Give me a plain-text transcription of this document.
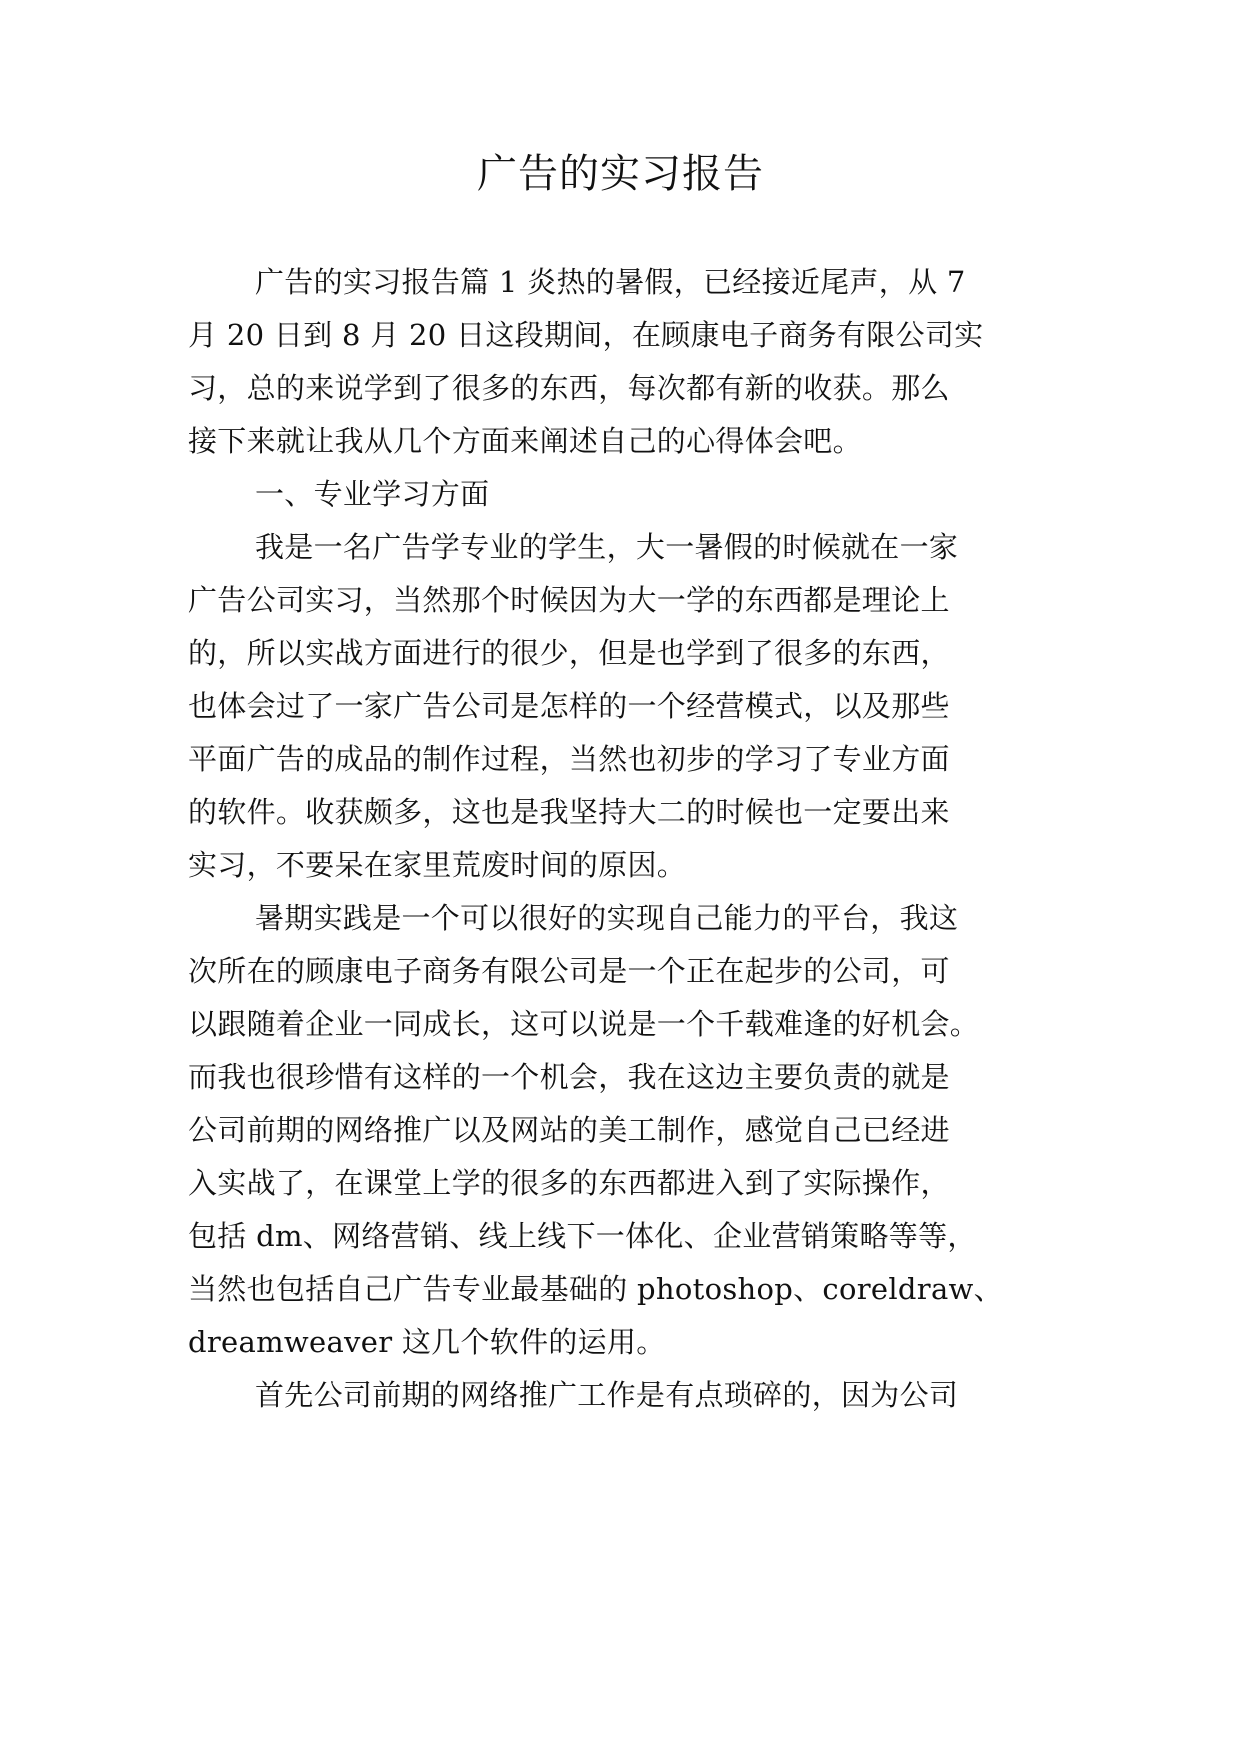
广告的实习报告
广告的实习报告篇 1 炎热的暑假，已经接近尾声，从 7
月 20 日到 8 月 20 日这段期间，在顾康电子商务有限公司实
习，总的来说学到了很多的东西，每次都有新的收获。那么
接下来就让我从几个方面来阐述自己的心得体会吧。
一、专业学习方面
我是一名广告学专业的学生，大一暑假的时候就在一家
广告公司实习，当然那个时候因为大一学的东西都是理论上
的，所以实战方面进行的很少，但是也学到了很多的东西，
也体会过了一家广告公司是怎样的一个经营模式，以及那些
平面广告的成品的制作过程，当然也初步的学习了专业方面
的软件。收获颇多，这也是我坚持大二的时候也一定要出来
实习，不要呆在家里荒废时间的原因。
暑期实践是一个可以很好的实现自己能力的平台，我这
次所在的顾康电子商务有限公司是一个正在起步的公司，可
以跟随着企业一同成长，这可以说是一个千载难逢的好机会。
而我也很珍惜有这样的一个机会，我在这边主要负责的就是
公司前期的网络推广以及网站的美工制作，感觉自己已经进
入实战了，在课堂上学的很多的东西都进入到了实际操作，
包括 dm、网络营销、线上线下一体化、企业营销策略等等，
当然也包括自己广告专业最基础的 photoshop、coreldraw、
dreamweaver 这几个软件的运用。
首先公司前期的网络推广工作是有点琐碎的，因为公司
